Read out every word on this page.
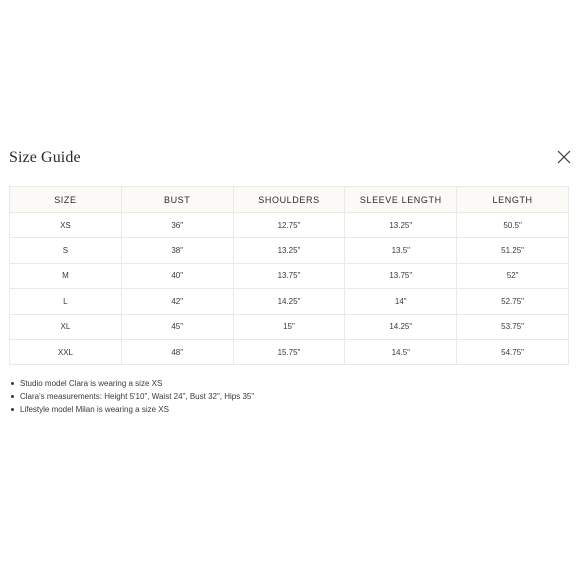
Size Guide
SIZE	BUST	SHOULDERS	SLEEVE LENGTH	LENGTH
XS	36"	12.75"	13.25"	50.5"
S	38"	13.25"	13.5"	51.25"
M	40"	13.75"	13.75"	52"
L	42"	14.25"	14"	52.75"
XL	45"	15"	14.25"	53.75"
XXL	48"	15.75"	14.5"	54.75"
Studio model Clara is wearing a size XS
Clara's measurements: Height 5'10", Waist 24", Bust 32", Hips 35"
Lifestyle model Milan is wearing a size XS
